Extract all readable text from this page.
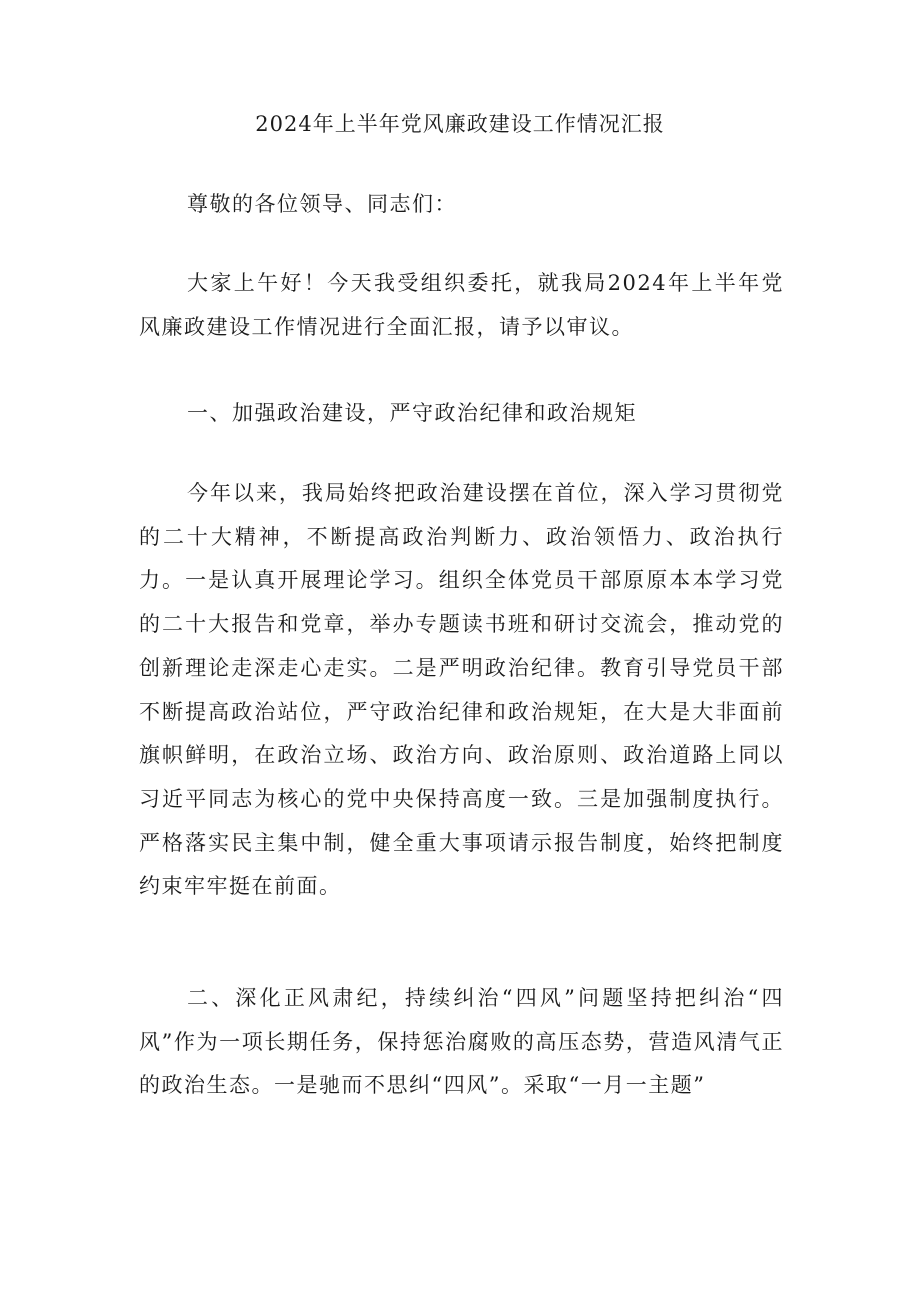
2024年上半年党风廉政建设工作情况汇报

尊敬的各位领导、同志们：

大家上午好！今天我受组织委托，就我局2024年上半年党风廉政建设工作情况进行全面汇报，请予以审议。

一、加强政治建设，严守政治纪律和政治规矩

今年以来，我局始终把政治建设摆在首位，深入学习贯彻党的二十大精神，不断提高政治判断力、政治领悟力、政治执行力。一是认真开展理论学习。组织全体党员干部原原本本学习党的二十大报告和党章，举办专题读书班和研讨交流会，推动党的创新理论走深走心走实。二是严明政治纪律。教育引导党员干部不断提高政治站位，严守政治纪律和政治规矩，在大是大非面前旗帜鲜明，在政治立场、政治方向、政治原则、政治道路上同以习近平同志为核心的党中央保持高度一致。三是加强制度执行。严格落实民主集中制，健全重大事项请示报告制度，始终把制度约束牢牢挺在前面。

二、深化正风肃纪，持续纠治“四风”问题坚持把纠治“四风”作为一项长期任务，保持惩治腐败的高压态势，营造风清气正的政治生态。一是驰而不思纠“四风”。采取“一月一主题”
